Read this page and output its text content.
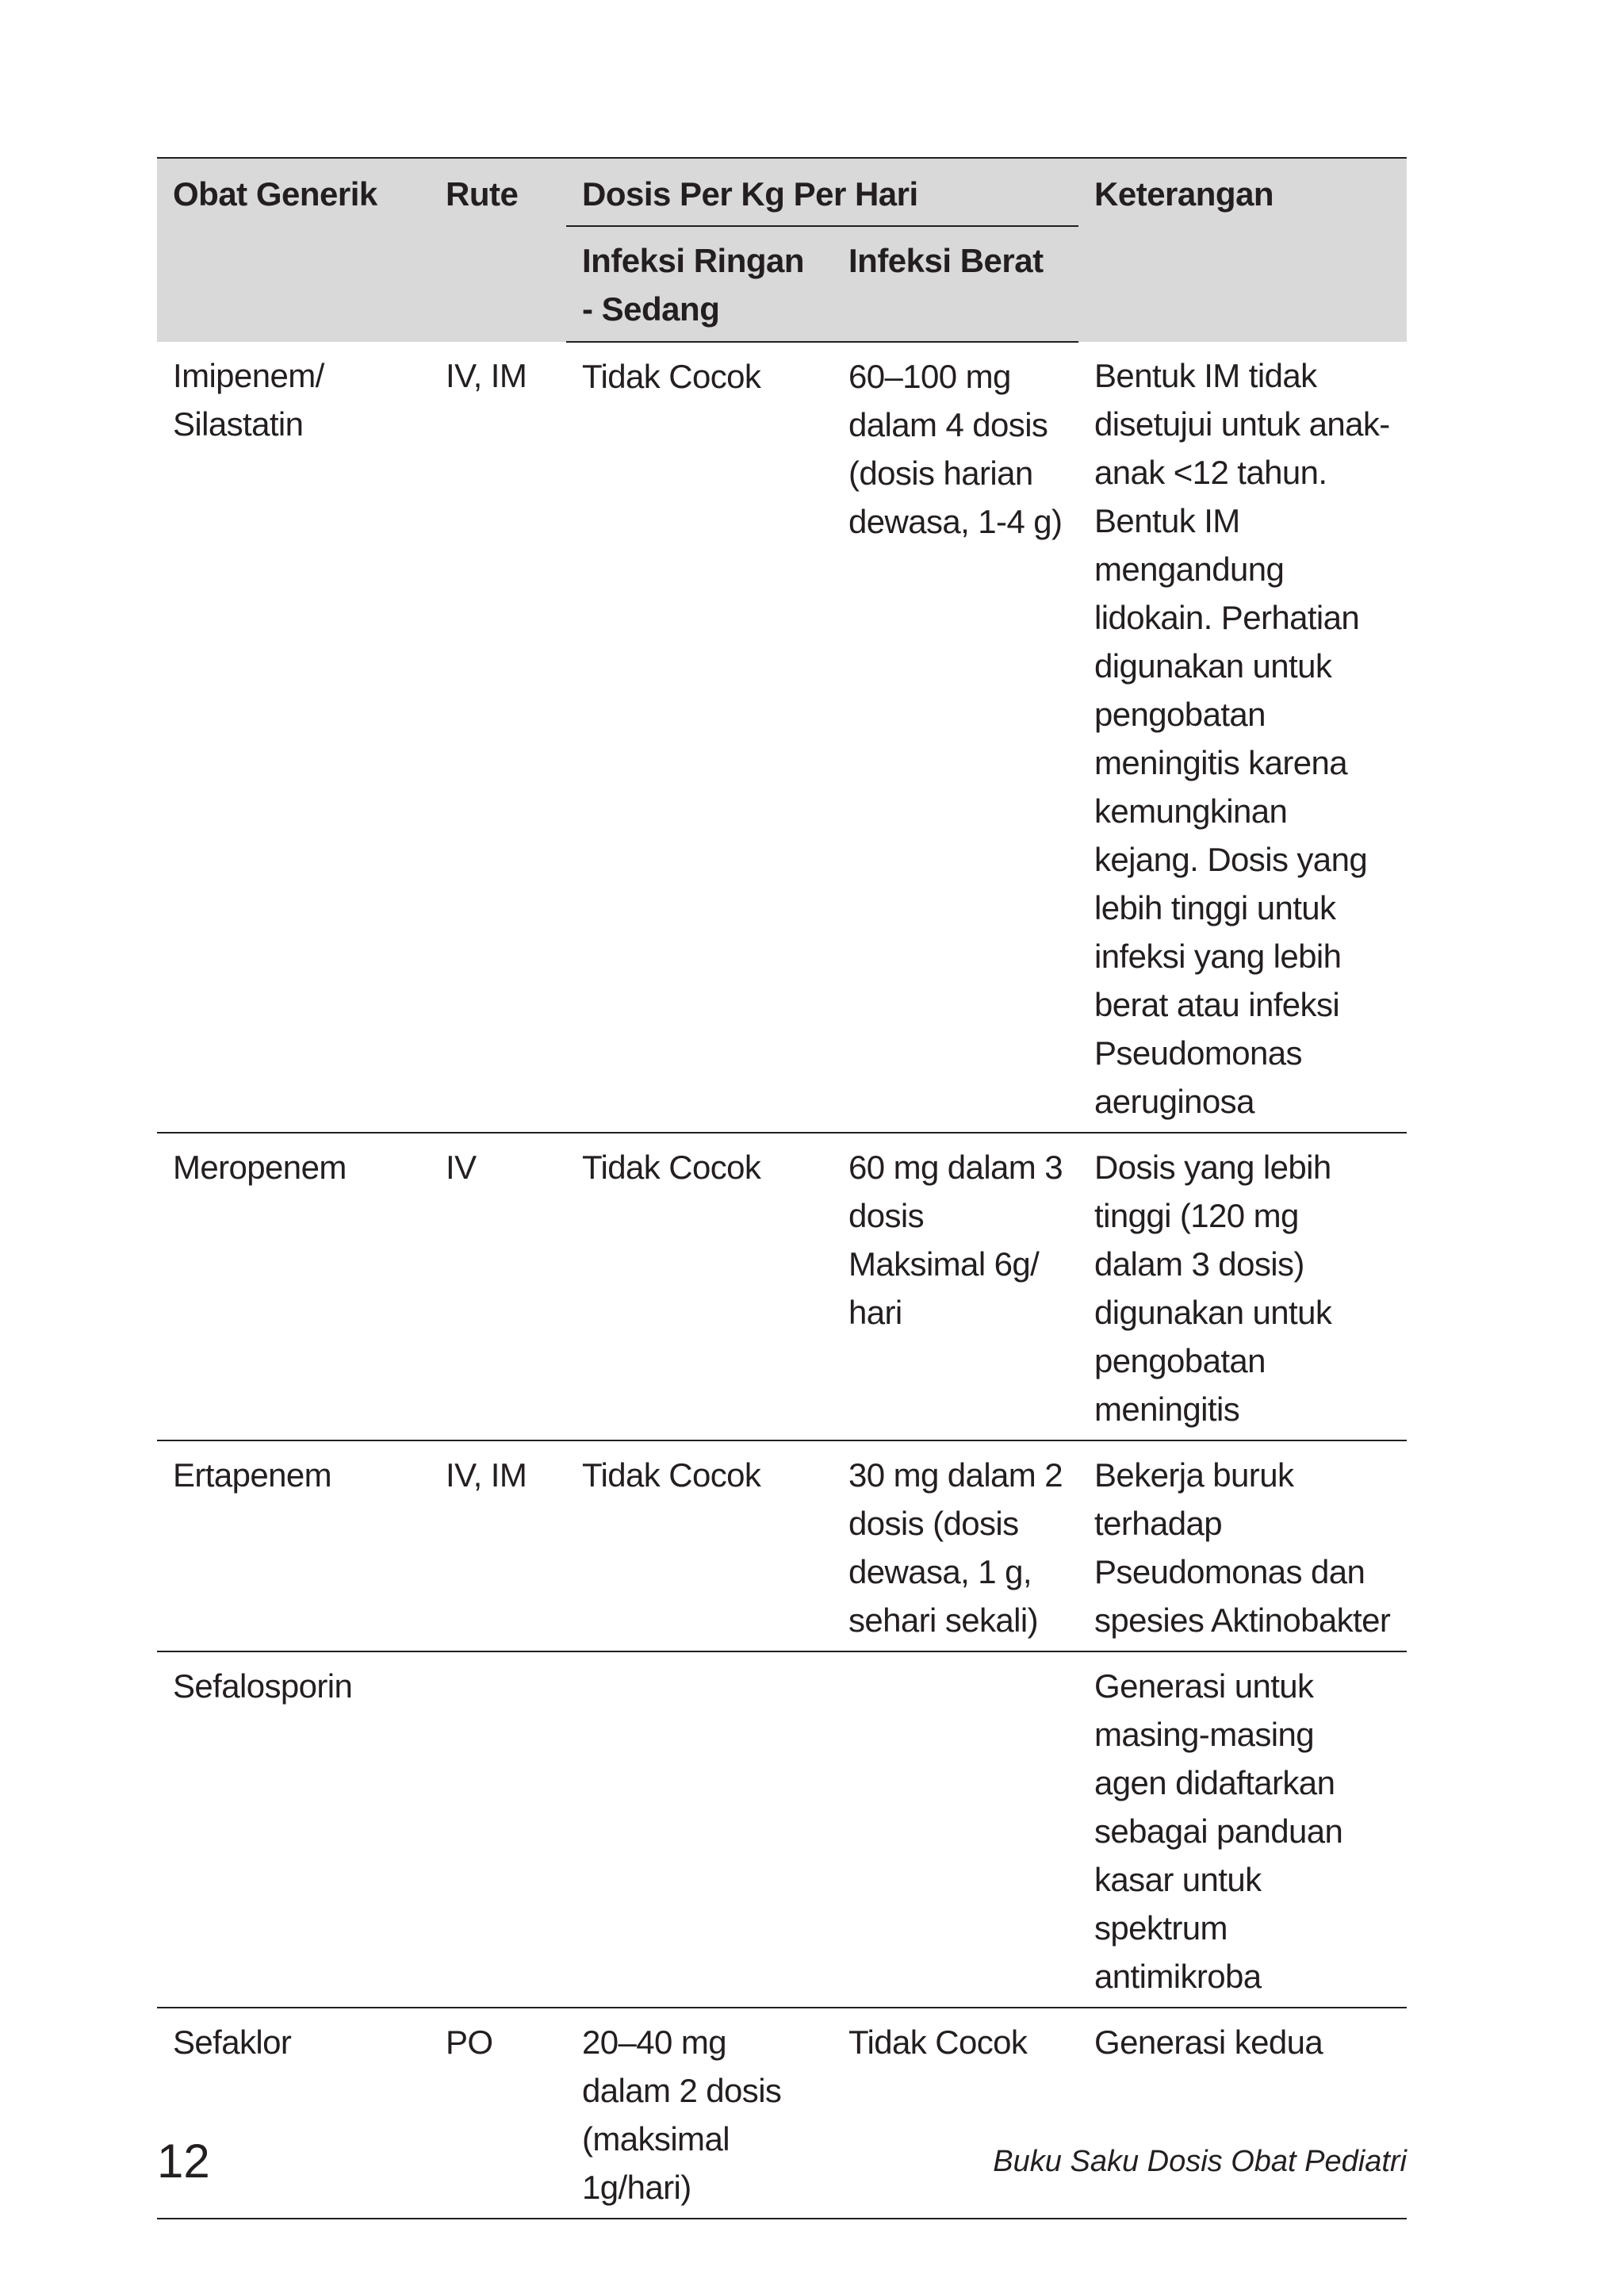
Obat Generik	Rute	Dosis Per Kg Per Hari		Keterangan
		Infeksi Ringan - Sedang	Infeksi Berat	
Imipenem/ Silastatin	IV, IM	Tidak Cocok	60–100 mg dalam 4 dosis (dosis harian dewasa, 1-4 g)	Bentuk IM tidak disetujui untuk anak-anak <12 tahun. Bentuk IM mengandung lidokain. Perhatian digunakan untuk pengobatan meningitis karena kemungkinan kejang. Dosis yang lebih tinggi untuk infeksi yang lebih berat atau infeksi Pseudomonas aeruginosa
Meropenem	IV	Tidak Cocok	60 mg dalam 3 dosis Maksimal 6g/ hari	Dosis yang lebih tinggi (120 mg dalam 3 dosis) digunakan untuk pengobatan meningitis
Ertapenem	IV, IM	Tidak Cocok	30 mg dalam 2 dosis (dosis dewasa, 1 g, sehari sekali)	Bekerja buruk terhadap Pseudomonas dan spesies Aktinobakter
Sefalosporin				Generasi untuk masing-masing agen didaftarkan sebagai panduan kasar untuk spektrum antimikroba
Sefaklor	PO	20–40 mg dalam 2 dosis (maksimal 1g/hari)	Tidak Cocok	Generasi kedua
12	Buku Saku Dosis Obat Pediatri
